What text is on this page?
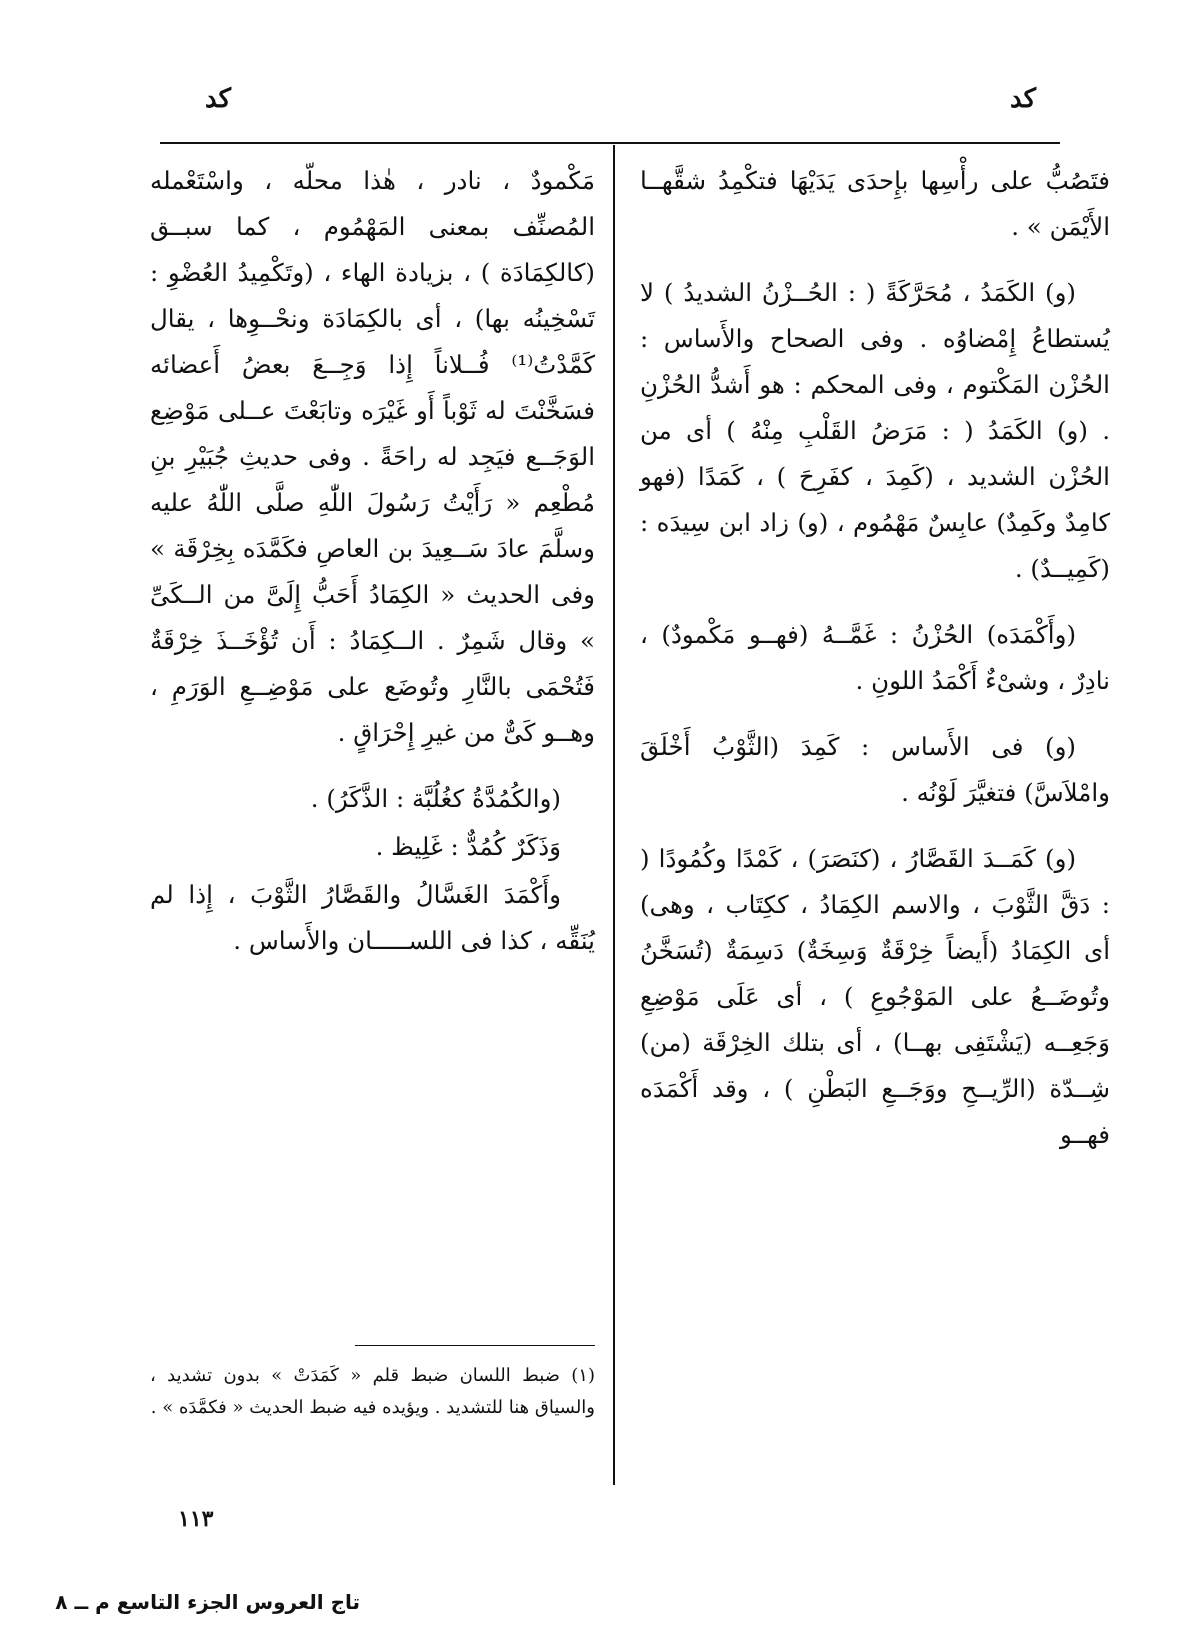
كد
كد

فتَصُبُّ على رأْسِها بإِحدَى يَدَيْهَا فتكْمِدُ شقَّهــا الأَيْمَن » .

(و) الكَمَدُ ، مُحَرَّكَةً ( : الحُــزْنُ الشديدُ ) لا يُستطاعُ إِمْضاوُه . وفى الصحاح والأَساس : الحُزْن المَكْتوم ، وفى المحكم : هو أَشدُّ الحُزْنِ . (و) الكَمَدُ ( : مَرَضُ القَلْبِ مِنْهُ ) أى من الحُزْن الشديد ، (كَمِدَ ، كفَرِحَ ) ، كَمَدًا (فهو كامِدٌ وكَمِدٌ) عابِسٌ مَهْمُوم ، (و) زاد ابن سِيدَه : (كَمِيــدٌ) .

(وأَكْمَدَه) الحُزْنُ : غَمَّــهُ (فهــو مَكْمودٌ) ، نادِرٌ ، وشىْءٌ أَكْمَدُ اللونِ .

(و) فى الأَساس : كَمِدَ (الثَّوْبُ أَخْلَقَ وامْلاَسَّ) فتغيَّرَ لَوْنُه .

(و) كَمَــدَ القَصَّارُ ، (كنَصَرَ) ، كَمْدًا وكُمُودًا ( : دَقَّ الثَّوْبَ ، والاسم الكِمَادُ ، ككِتَاب ، وهى) أى الكِمَادُ (أَيضاً خِرْقَةٌ وَسِخَةٌ) دَسِمَةٌ (تُسَخَّنُ وتُوضَــعُ على المَوْجُوعِ ) ، أى عَلَى مَوْضِعِ وَجَعِــه (يَشْتَفِى بهــا) ، أى بتلك الخِرْقَة (من) شِــدّة (الرِّيــحِ ووَجَــعِ البَطْنِ ) ، وقد أَكْمَدَه فهــو

مَكْمودٌ ، نادر ، هٰذا محلّه ، واسْتَعْمله المُصنِّف بمعنى المَهْمُوم ، كما سبــق (كالكِمَادَة ) ، بزيادة الهاء ، (وتَكْمِيدُ العُضْوِ : تَسْخِينُه بها) ، أى بالكِمَادَة ونحْــوِها ، يقال كَمَّدْتُ⁽¹⁾ فُــلاناً إِذا وَجِــعَ بعضُ أَعضائه فسَخَّنْتَ له ثَوْباً أَو غَيْرَه وتابَعْتَ عــلى مَوْضِع الوَجَــع فيَجِد له راحَةً . وفى حديثِ جُبَيْرِ بنِ مُطْعِم « رَأَيْتُ رَسُولَ اللّٰهِ صلَّى اللّٰهُ عليه وسلَّمَ عادَ سَــعِيدَ بن العاصِ فكَمَّدَه بِخِرْقَة » وفى الحديث « الكِمَادُ أَحَبُّ إِلَىَّ من الــكَىِّ » وقال شَمِرٌ . الــكِمَادُ : أَن تُؤْخَــذَ خِرْقَةٌ فَتُحْمَى بالنَّارِ وتُوضَع على مَوْضِــعِ الوَرَمِ ، وهــو كَىٌّ من غيرِ إِحْرَاقٍ .

(والكُمُدَّةُ كغُلُبَّة : الذَّكَرُ) .

وَذَكَرٌ كُمُدٌّ : غَلِيظ .

وأَكْمَدَ الغَسَّالُ والقَصَّارُ الثَّوْبَ ، إِذا لم يُنَقِّه ، كذا فى اللســـــان والأَساس .

(١) ضبط اللسان ضبط قلم « كَمَدَتْ » بدون تشديد ، والسياق هنا للتشديد . ويؤيده فيه ضبط الحديث « فكمَّدَه » .
١١٣
تاج العروس الجزء التاسع م ــ ٨
